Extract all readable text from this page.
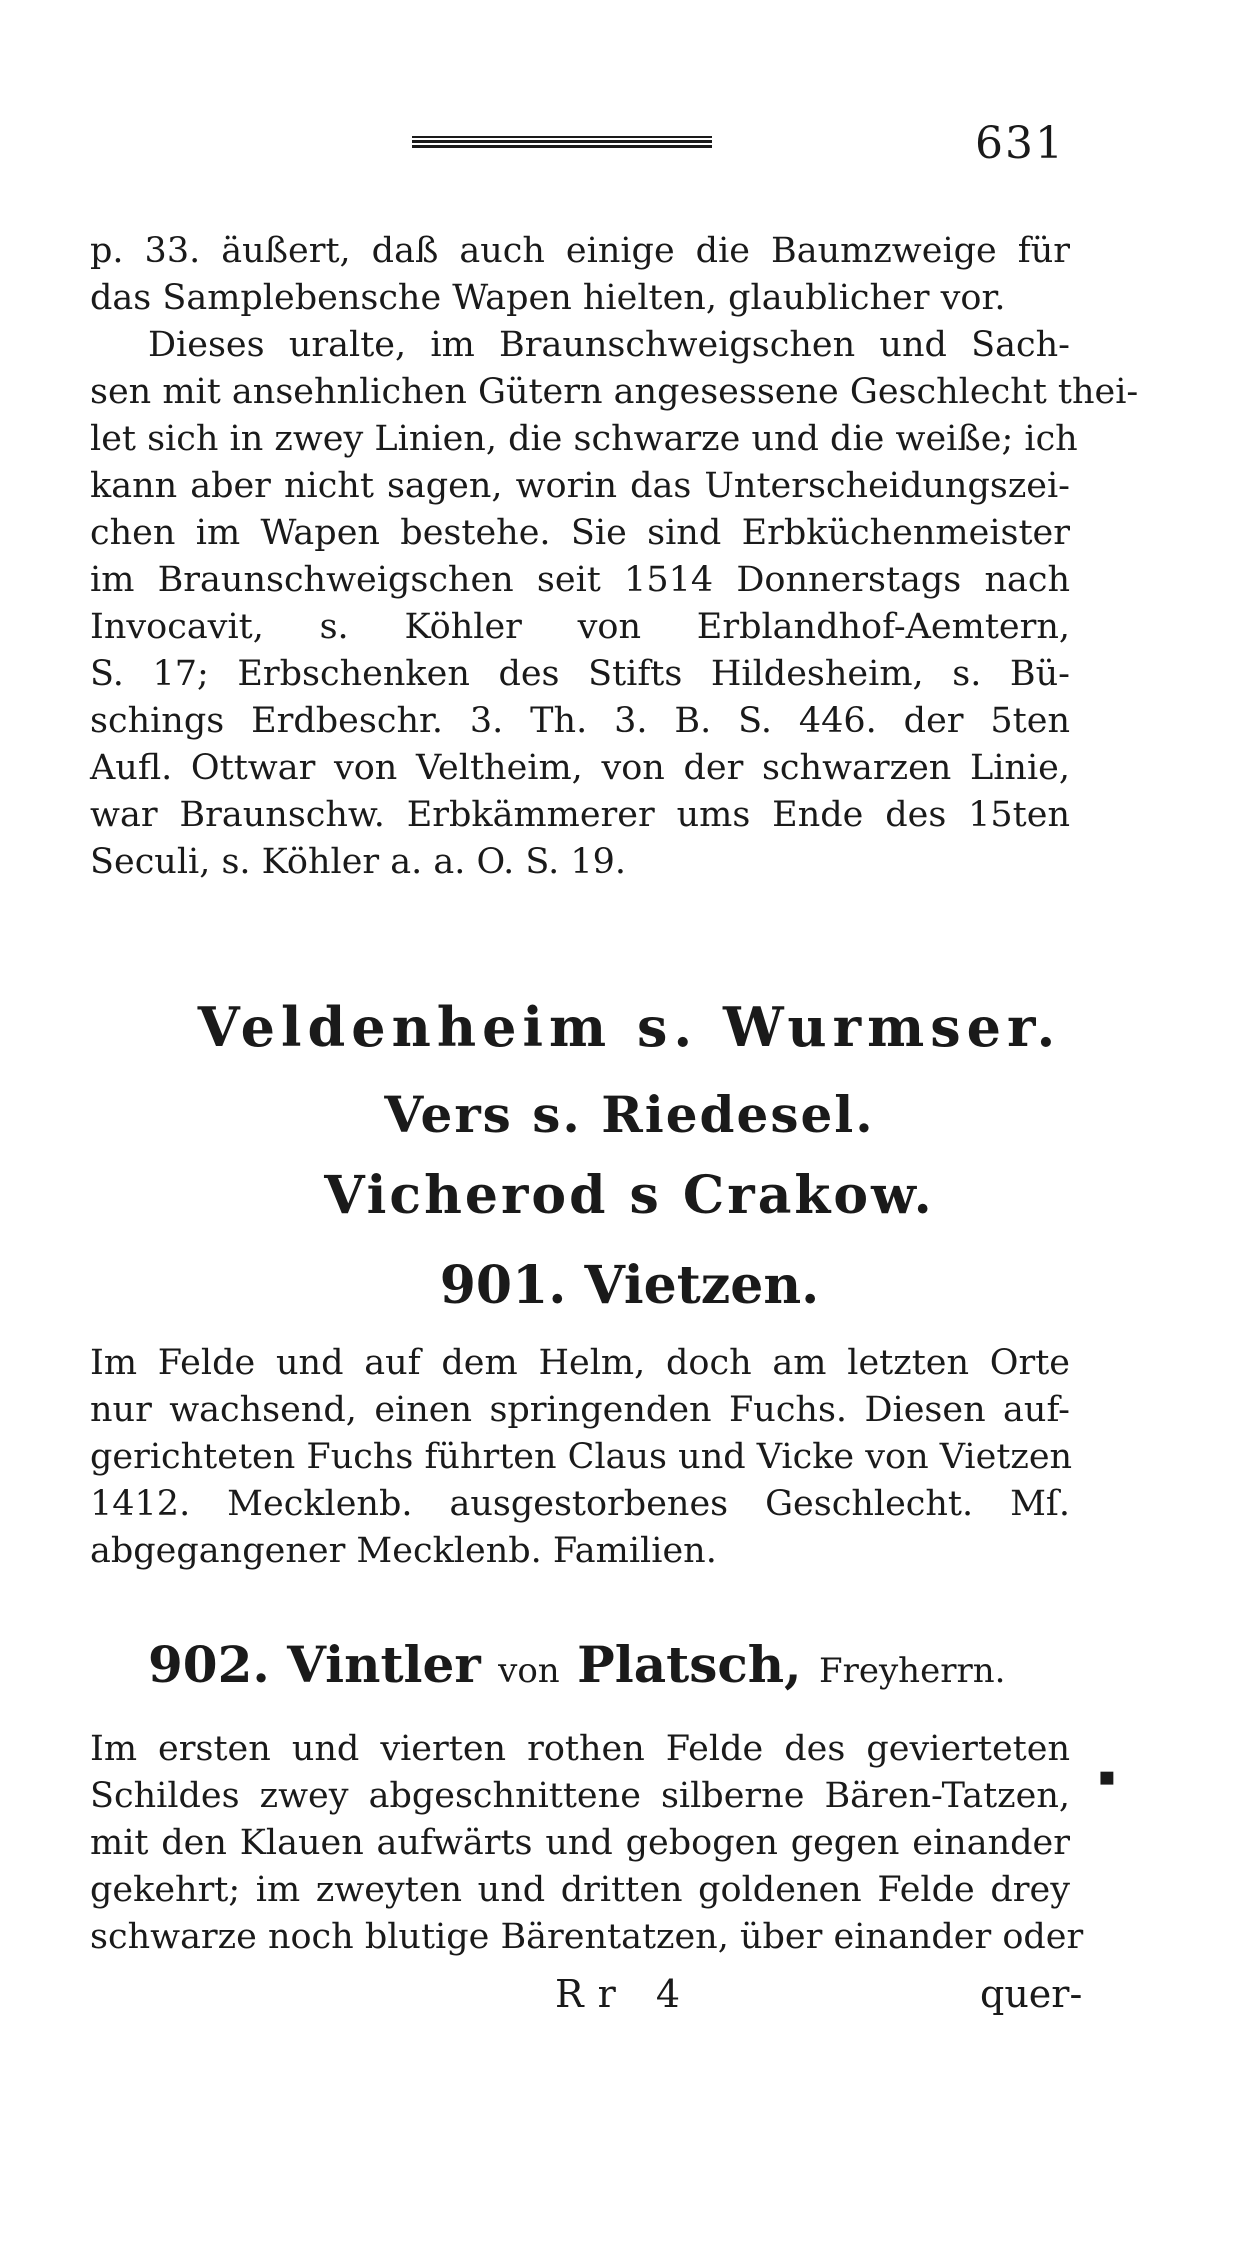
631
p. 33. äußert, daß auch einige die Baumzweige für
das Samplebensche Wapen hielten, glaublicher vor.
Dieses uralte, im Braunschweigschen und Sach-
sen mit ansehnlichen Gütern angesessene Geschlecht thei-
let sich in zwey Linien, die schwarze und die weiße; ich
kann aber nicht sagen, worin das Unterscheidungszei-
chen im Wapen bestehe. Sie sind Erbküchenmeister
im Braunschweigschen seit 1514 Donnerstags nach
Invocavit, s. Köhler von Erblandhof-Aemtern,
S. 17; Erbschenken des Stifts Hildesheim, s. Bü-
schings Erdbeschr. 3. Th. 3. B. S. 446. der 5ten
Aufl. Ottwar von Veltheim, von der schwarzen Linie,
war Braunschw. Erbkämmerer ums Ende des 15ten
Seculi, s. Köhler a. a. O. S. 19.
Veldenheim s. Wurmser.
Vers s. Riedesel.
Vicherod s Crakow.
901. Vietzen.
Im Felde und auf dem Helm, doch am letzten Orte
nur wachsend, einen springenden Fuchs. Diesen auf-
gerichteten Fuchs führten Claus und Vicke von Vietzen
1412. Mecklenb. ausgestorbenes Geschlecht. Mſ.
abgegangener Mecklenb. Familien.
902. Vintler von Platsch, Freyherrn.
Im ersten und vierten rothen Felde des gevierteten
Schildes zwey abgeschnittene silberne Bären-Tatzen,
mit den Klauen aufwärts und gebogen gegen einander
gekehrt; im zweyten und dritten goldenen Felde drey
schwarze noch blutige Bärentatzen, über einander oder
▪
Rr 4	quer-
